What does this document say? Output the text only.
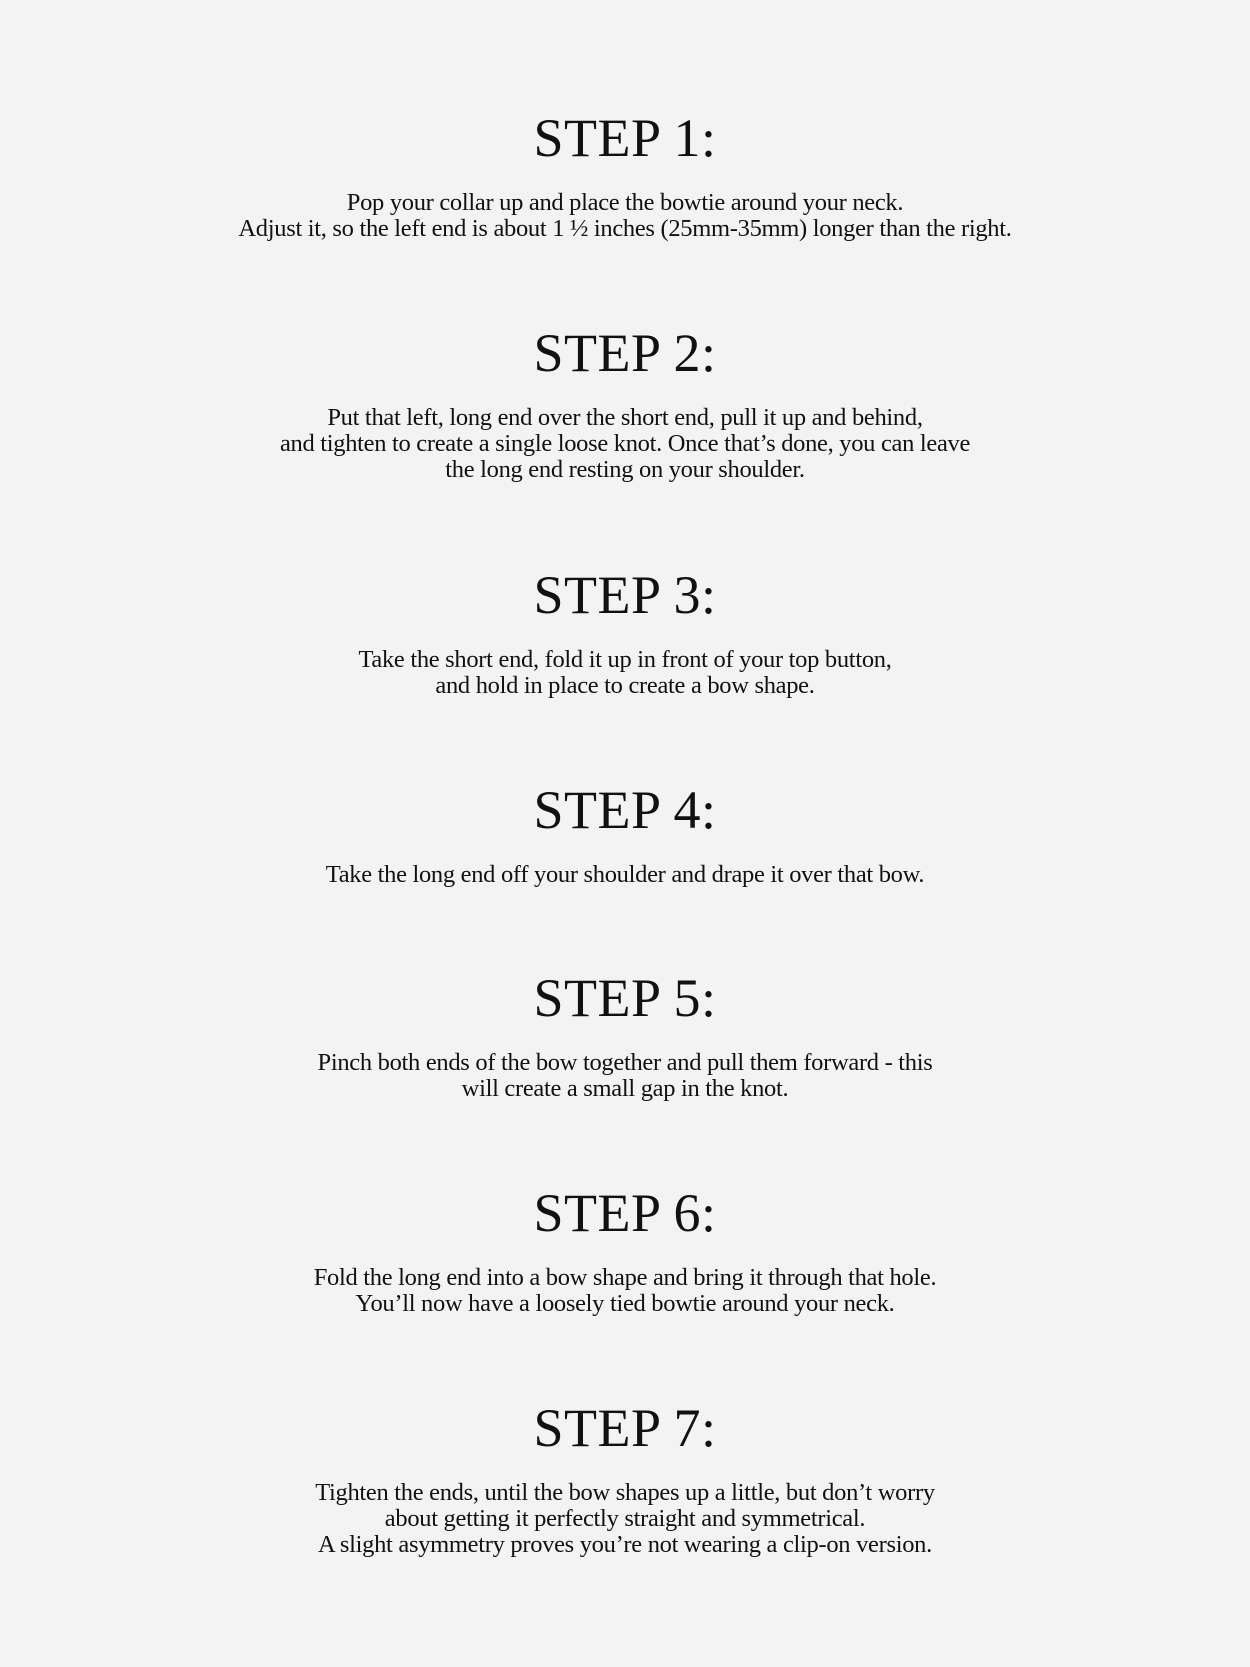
STEP 1:

Pop your collar up and place the bowtie around your neck.
Adjust it, so the left end is about 1 ½ inches (25mm-35mm) longer than the right.

STEP 2:

Put that left, long end over the short end, pull it up and behind,
and tighten to create a single loose knot. Once that’s done, you can leave
the long end resting on your shoulder.

STEP 3:

Take the short end, fold it up in front of your top button,
and hold in place to create a bow shape.

STEP 4:

Take the long end off your shoulder and drape it over that bow.

STEP 5:

Pinch both ends of the bow together and pull them forward - this
will create a small gap in the knot.

STEP 6:

Fold the long end into a bow shape and bring it through that hole.
You’ll now have a loosely tied bowtie around your neck.

STEP 7:

Tighten the ends, until the bow shapes up a little, but don’t worry
about getting it perfectly straight and symmetrical.
A slight asymmetry proves you’re not wearing a clip-on version.
